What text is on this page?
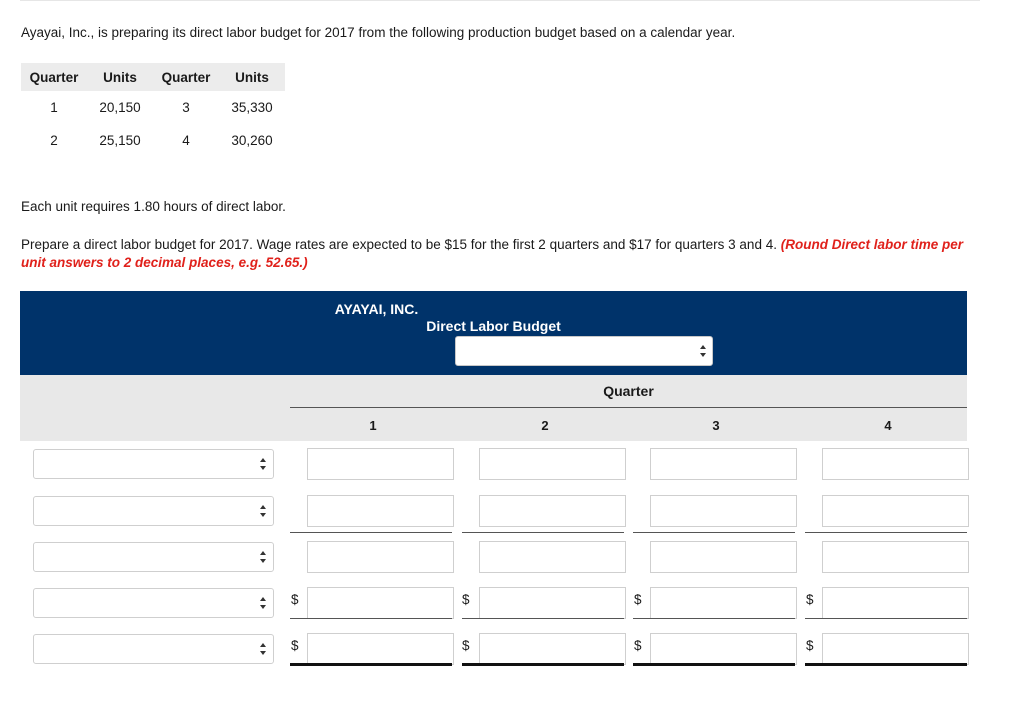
Ayayai, Inc., is preparing its direct labor budget for 2017 from the following production budget based on a calendar year.
Quarter	Units	Quarter	Units
1	20,150	3	35,330
2	25,150	4	30,260
Each unit requires 1.80 hours of direct labor.
Prepare a direct labor budget for 2017. Wage rates are expected to be $15 for the first 2 quarters and $17 for quarters 3 and 4. (Round Direct labor time per unit answers to 2 decimal places, e.g. 52.65.)
AYAYAI, INC.
Direct Labor Budget
Quarter
1	2	3	4
$	$	$	$
$	$	$	$
